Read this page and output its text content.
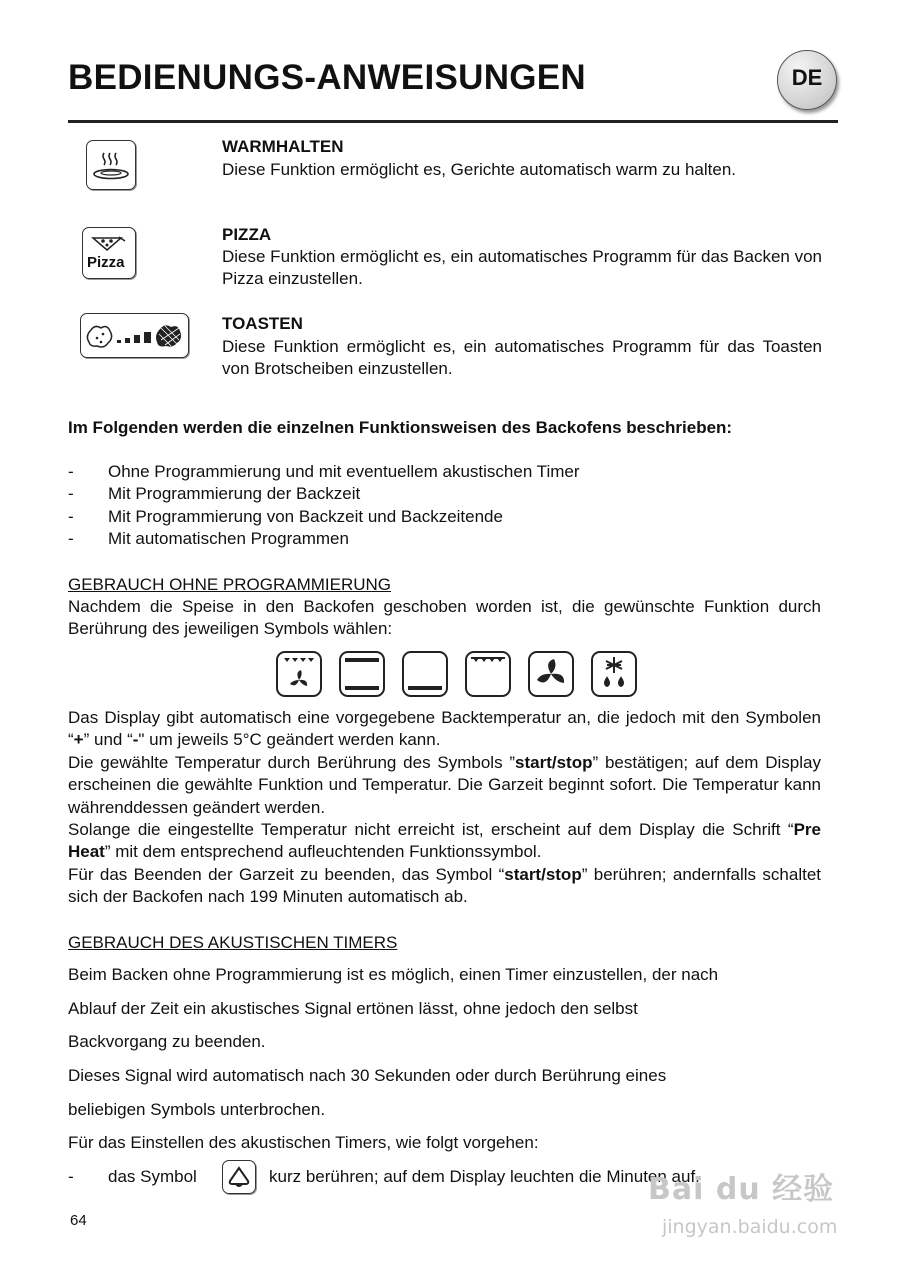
BEDIENUNGS-ANWEISUNGEN	DE
WARMHALTEN
Diese Funktion ermöglicht es, Gerichte automatisch warm zu halten.
Pizza
PIZZA
Diese Funktion ermöglicht es, ein automatisches Programm für das Backen von Pizza einzustellen.
TOASTEN
Diese Funktion ermöglicht es, ein automatisches Programm für das Toasten von Brotscheiben einzustellen.
Im Folgenden werden die einzelnen Funktionsweisen des Backofens beschrieben:
- Ohne Programmierung und mit eventuellem akustischen Timer
- Mit Programmierung der Backzeit
- Mit Programmierung von Backzeit und Backzeitende
- Mit automatischen Programmen
GEBRAUCH OHNE PROGRAMMIERUNG
Nachdem die Speise in den Backofen geschoben worden ist, die gewünschte Funktion durch Berührung des jeweiligen Symbols wählen:
Das Display gibt automatisch eine vorgegebene Backtemperatur an, die jedoch mit den Symbolen “+” und “-" um jeweils 5°C geändert werden kann.
Die gewählte Temperatur durch Berührung des Symbols ”start/stop” bestätigen; auf dem Display erscheinen die gewählte Funktion und Temperatur. Die Garzeit beginnt sofort. Die Temperatur kann währenddessen geändert werden.
Solange die eingestellte Temperatur nicht erreicht ist, erscheint auf dem Display die Schrift “Pre Heat” mit dem entsprechend aufleuchtenden Funktionssymbol.
Für das Beenden der Garzeit zu beenden, das Symbol “start/stop” berühren; andernfalls schaltet sich der Backofen nach 199 Minuten automatisch ab.
GEBRAUCH DES AKUSTISCHEN TIMERS
Beim Backen ohne Programmierung ist es möglich, einen Timer einzustellen, der nach
Ablauf der Zeit ein akustisches Signal ertönen lässt, ohne jedoch den selbst
Backvorgang zu beenden.
Dieses Signal wird automatisch nach 30 Sekunden oder durch Berührung eines
beliebigen Symbols unterbrochen.
Für das Einstellen des akustischen Timers, wie folgt vorgehen:
- das Symbol	kurz berühren; auf dem Display leuchten die Minuten auf.
64
Bai du 经验
jingyan.baidu.com
